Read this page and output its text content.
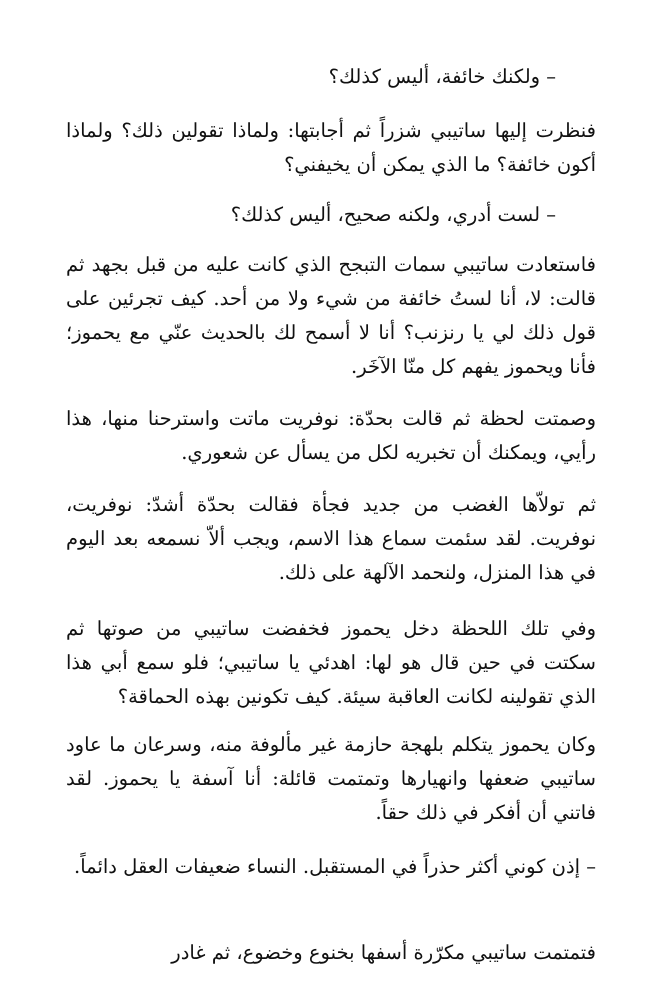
– ولكنك خائفة، أليس كذلك؟

فنظرت إليها ساتيبي شزراً ثم أجابتها: ولماذا تقولين ذلك؟ ولماذا أكون خائفة؟ ما الذي يمكن أن يخيفني؟

– لست أدري، ولكنه صحيح، أليس كذلك؟

فاستعادت ساتيبي سمات التبجح الذي كانت عليه من قبل بجهد ثم قالت: لا، أنا لستُ خائفة من شيء ولا من أحد. كيف تجرئين على قول ذلك لي يا رنزنب؟ أنا لا أسمح لك بالحديث عنّي مع يحموز؛ فأنا ويحموز يفهم كل منّا الآخَر.

وصمتت لحظة ثم قالت بحدّة: نوفريت ماتت واسترحنا منها، هذا رأيي، ويمكنك أن تخبريه لكل من يسأل عن شعوري.

ثم تولاّها الغضب من جديد فجأة فقالت بحدّة أشدّ: نوفريت، نوفريت. لقد سئمت سماع هذا الاسم، ويجب ألاّ نسمعه بعد اليوم في هذا المنزل، ولنحمد الآلهة على ذلك.

وفي تلك اللحظة دخل يحموز فخفضت ساتيبي من صوتها ثم سكتت في حين قال هو لها: اهدئي يا ساتيبي؛ فلو سمع أبي هذا الذي تقولينه لكانت العاقبة سيئة. كيف تكونين بهذه الحماقة؟

وكان يحموز يتكلم بلهجة حازمة غير مألوفة منه، وسرعان ما عاود ساتيبي ضعفها وانهيارها وتمتمت قائلة: أنا آسفة يا يحموز. لقد فاتني أن أفكر في ذلك حقاً.

– إذن كوني أكثر حذراً في المستقبل. النساء ضعيفات العقل دائماً.

فتمتمت ساتيبي مكرّرة أسفها بخنوع وخضوع، ثم غادر
